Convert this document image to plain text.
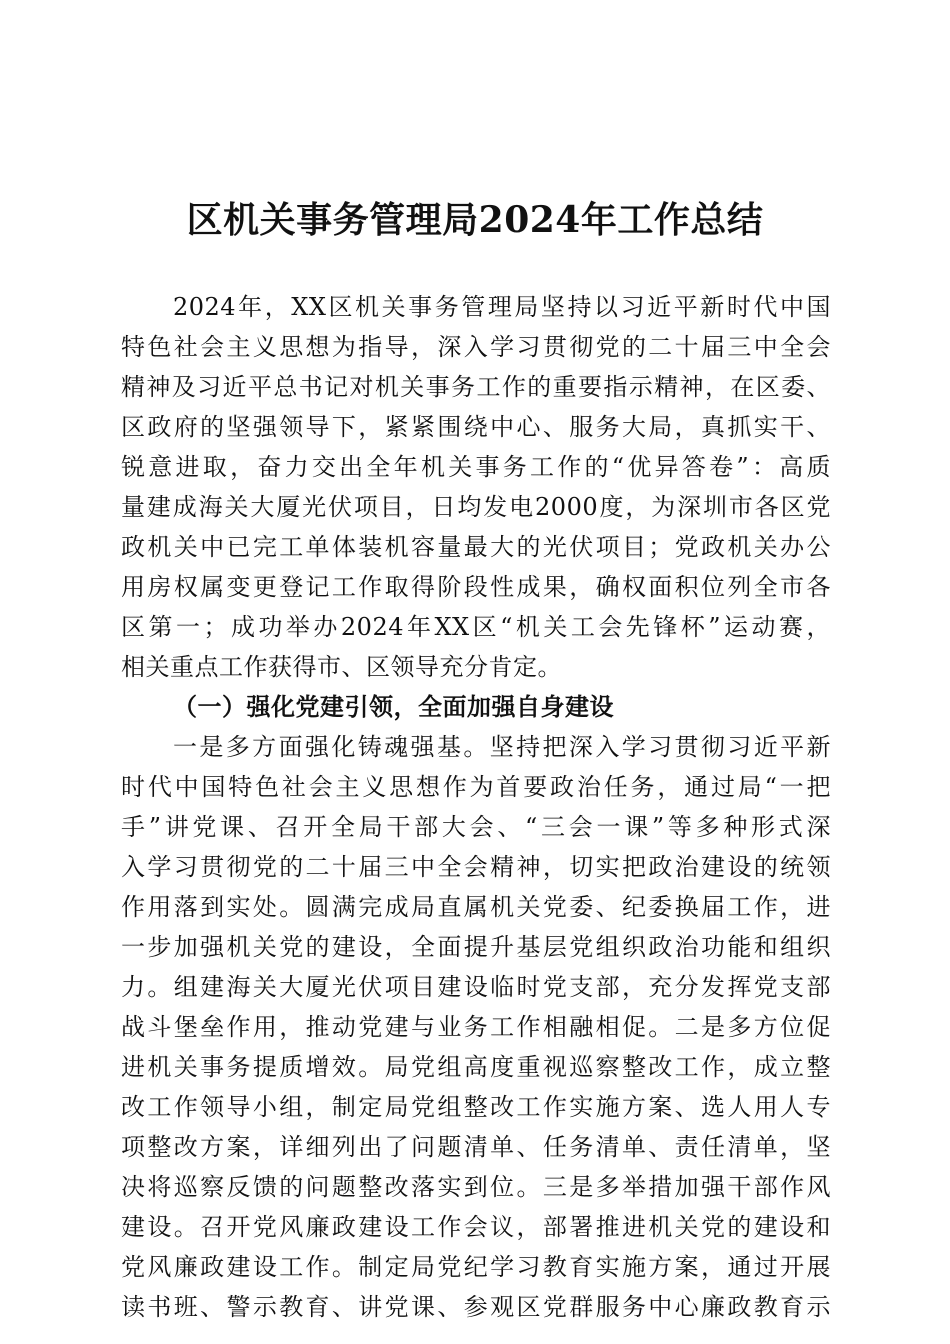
区机关事务管理局2024年工作总结
2024年，XX区机关事务管理局坚持以习近平新时代中国
特色社会主义思想为指导，深入学习贯彻党的二十届三中全会
精神及习近平总书记对机关事务工作的重要指示精神，在区委、
区政府的坚强领导下，紧紧围绕中心、服务大局，真抓实干、
锐意进取，奋力交出全年机关事务工作的“优异答卷”：高质
量建成海关大厦光伏项目，日均发电2000度，为深圳市各区党
政机关中已完工单体装机容量最大的光伏项目；党政机关办公
用房权属变更登记工作取得阶段性成果，确权面积位列全市各
区第一；成功举办2024年XX区“机关工会先锋杯”运动赛，
相关重点工作获得市、区领导充分肯定。
（一）强化党建引领，全面加强自身建设
一是多方面强化铸魂强基。坚持把深入学习贯彻习近平新
时代中国特色社会主义思想作为首要政治任务，通过局“一把
手”讲党课、召开全局干部大会、“三会一课”等多种形式深
入学习贯彻党的二十届三中全会精神，切实把政治建设的统领
作用落到实处。圆满完成局直属机关党委、纪委换届工作，进
一步加强机关党的建设，全面提升基层党组织政治功能和组织
力。组建海关大厦光伏项目建设临时党支部，充分发挥党支部
战斗堡垒作用，推动党建与业务工作相融相促。二是多方位促
进机关事务提质增效。局党组高度重视巡察整改工作，成立整
改工作领导小组，制定局党组整改工作实施方案、选人用人专
项整改方案，详细列出了问题清单、任务清单、责任清单，坚
决将巡察反馈的问题整改落实到位。三是多举措加强干部作风
建设。召开党风廉政建设工作会议，部署推进机关党的建设和
党风廉政建设工作。制定局党纪学习教育实施方案，通过开展
读书班、警示教育、讲党课、参观区党群服务中心廉政教育示
